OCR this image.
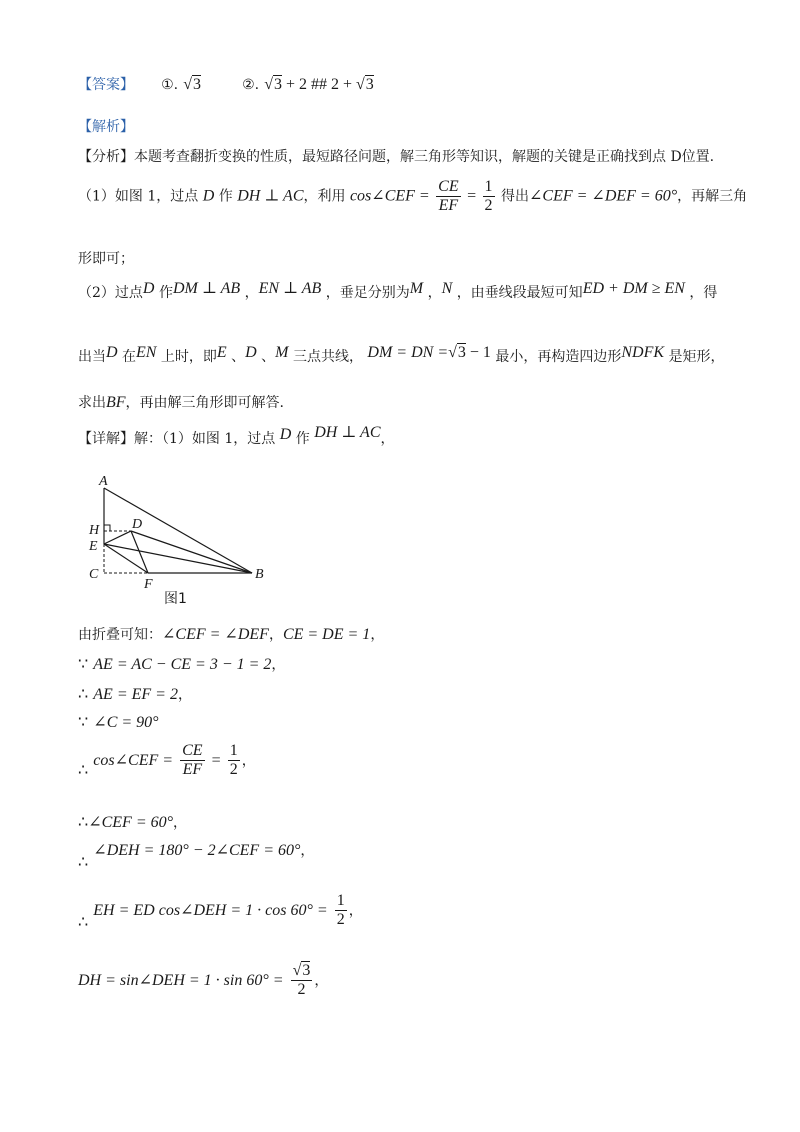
【答案】 ①. √3	②. √3 + 2 ## 2 + √3
【解析】
【分析】本题考查翻折变换的性质，最短路径问题，解三角形等知识，解题的关键是正确找到点 D位置.
（1）如图 1，过点 D 作 DH ⊥ AC，利用 cos∠CEF = $\frac{CE}{EF} = \frac{1}{2}$ 得出∠CEF = ∠DEF = 60°，再解三角
形即可；
（2）过点D 作DM ⊥ AB ，EN ⊥ AB ，垂足分别为M ，N ，由垂线段最短可知ED + DM ≥ EN ，得
出当D 在EN 上时，即E 、D 、M 三点共线， DM = DN =√3 − 1 最小，再构造四边形NDFK 是矩形，
求出BF，再由解三角形即可解答.
【详解】解：（1）如图 1，过点 D 作 DH ⊥ AC，
A
D
H
E
C
F
B
图1
由折叠可知：∠CEF = ∠DEF，CE = DE = 1，
∵ AE = AC − CE = 3 − 1 = 2，
∴ AE = EF = 2，
∵ ∠C = 90°
∴ cos∠CEF = $\frac{CE}{EF} = \frac{1}{2}$ ，
∴∠CEF = 60°，
∴ ∠DEH = 180° − 2∠CEF = 60°，
∴ EH = ED cos∠DEH = $1 \cdot \cos 60^\circ = \frac{1}{2}$ ，
DH = sin∠DEH = $1 \cdot \sin 60^\circ = \frac{√3}{2}$ ，
